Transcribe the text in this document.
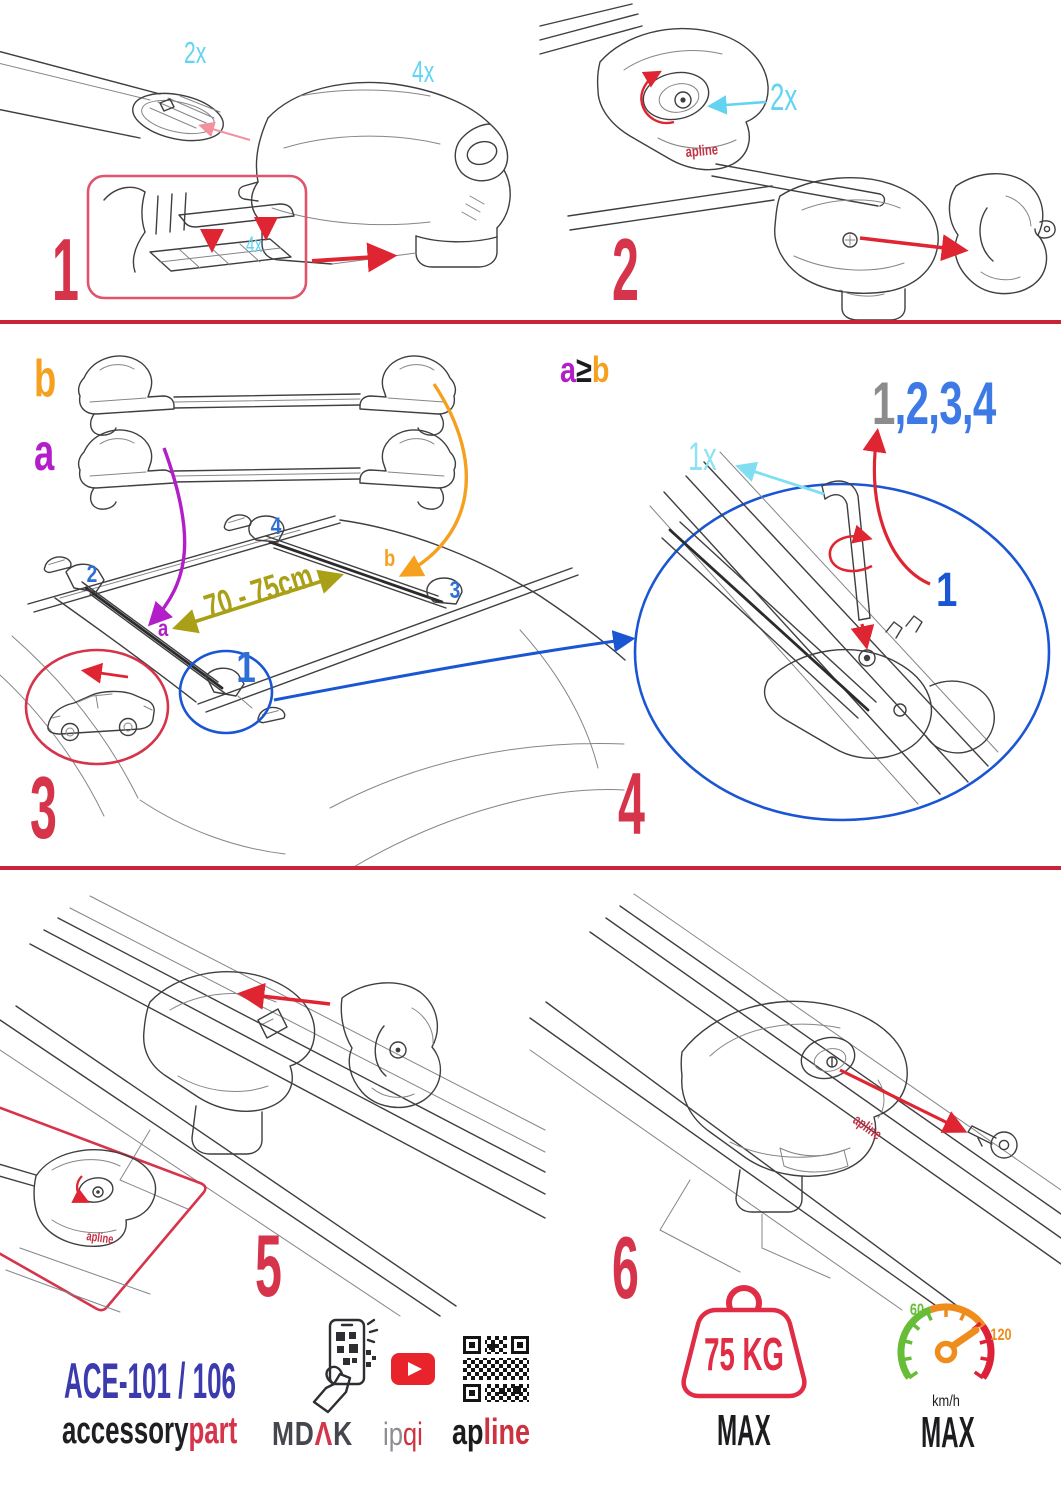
2x
4x
4x
apline
2x
b
a
1
2
4
3
70 - 75cm
a
b
1x
1
apline
apline
1	2
3	4
5	6
a≥b
1,2,3,4
ACE-101 / 106
accessorypart	MDΛK ipqi apline
75 KG
MAX
60
120
km/h
MAX
